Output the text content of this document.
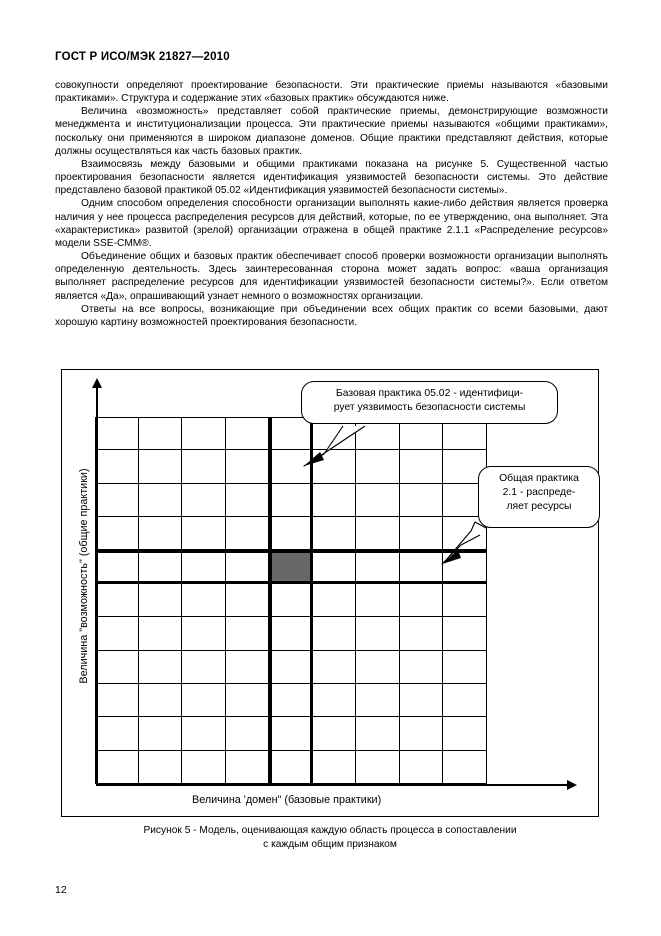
ГОСТ Р ИСО/МЭК 21827—2010

совокупности определяют проектирование безопасности. Эти практические приемы называются «базовыми практиками». Структура и содержание этих «базовых практик» обсуждаются ниже.

Величина «возможность» представляет собой практические приемы, демонстрирующие возможности менеджмента и институционализации процесса. Эти практические приемы называются «общими практиками», поскольку они применяются в широком диапазоне доменов. Общие практики представляют действия, которые должны осуществляться как часть базовых практик.

Взаимосвязь между базовыми и общими практиками показана на рисунке 5. Существенной частью проектирования безопасности является идентификация уязвимостей безопасности системы. Это действие представлено базовой практикой 05.02 «Идентификация уязвимостей безопасности системы».

Одним способом определения способности организации выполнять какие-либо действия является проверка наличия у нее процесса распределения ресурсов для действий, которые, по ее утверждению, она выполняет. Эта «характеристика» развитой (зрелой) организации отражена в общей практике 2.1.1 «Распределение ресурсов» модели SSE-CMM®.

Объединение общих и базовых практик обеспечивает способ проверки возможности организации выполнять определенную деятельность. Здесь заинтересованная сторона может задать вопрос: «ваша организация выполняет распределение ресурсов для идентификации уязвимостей безопасности системы?». Если ответом является «Да», опрашивающий узнает немного о возможностях организации.

Ответы на все вопросы, возникающие при объединении всех общих практик со всеми базовыми, дают хорошую картину возможностей проектирования безопасности.

Базовая практика 05.02 - идентифици-
рует уязвимость безопасности системы
Общая практика
2.1 - распреде-
ляет ресурсы
Величина "возможность" (общие практики)
Величина 'домен" (базовые практики)
Рисунок 5 - Модель, оценивающая каждую область процесса в сопоставлении
с каждым общим признаком
12
